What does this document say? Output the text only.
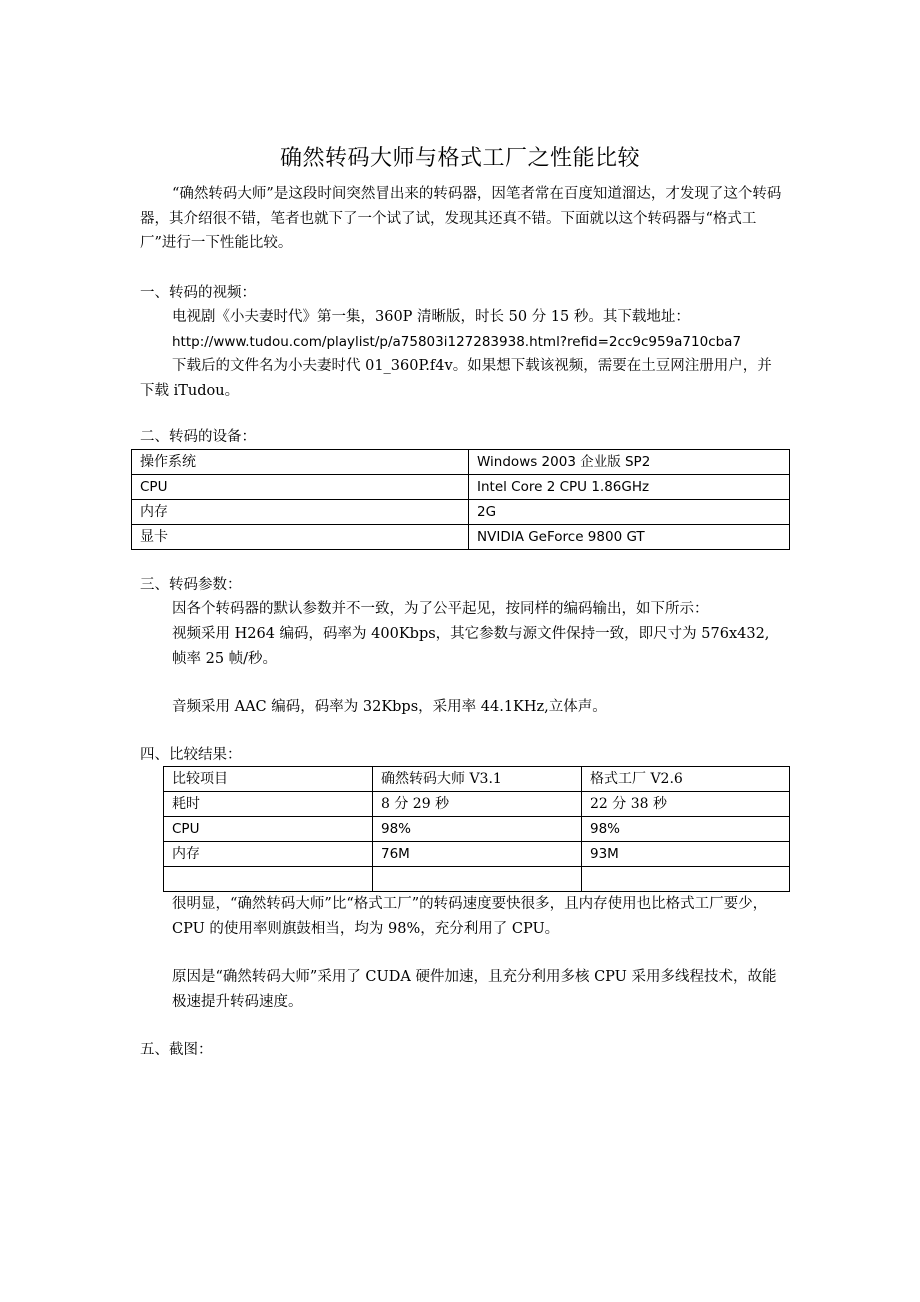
确然转码大师与格式工厂之性能比较
“确然转码大师”是这段时间突然冒出来的转码器，因笔者常在百度知道溜达，才发现了这个转码器，其介绍很不错，笔者也就下了一个试了试，发现其还真不错。下面就以这个转码器与“格式工厂”进行一下性能比较。
一、转码的视频：
电视剧《小夫妻时代》第一集，360P 清晰版，时长 50 分 15 秒。其下载地址：
http://www.tudou.com/playlist/p/a75803i127283938.html?refid=2cc9c959a710cba7
下载后的文件名为小夫妻时代 01_360P.f4v。如果想下载该视频，需要在土豆网注册用户，并下载 iTudou。
二、转码的设备：
操作系统	Windows 2003 企业版 SP2
CPU	Intel Core 2 CPU 1.86GHz
内存	2G
显卡	NVIDIA GeForce 9800 GT
三、转码参数：
因各个转码器的默认参数并不一致，为了公平起见，按同样的编码输出，如下所示：
视频采用 H264 编码，码率为 400Kbps，其它参数与源文件保持一致，即尺寸为 576x432,帧率 25 帧/秒。
音频采用 AAC 编码，码率为 32Kbps，采用率 44.1KHz,立体声。
四、比较结果：
比较项目	确然转码大师 V3.1	格式工厂 V2.6
耗时	8 分 29 秒	22 分 38 秒
CPU	98%	98%
内存	76M	93M

很明显，“确然转码大师”比“格式工厂”的转码速度要快很多，且内存使用也比格式工厂要少，CPU 的使用率则旗鼓相当，均为 98%，充分利用了 CPU。
原因是“确然转码大师”采用了 CUDA 硬件加速，且充分利用多核 CPU 采用多线程技术，故能极速提升转码速度。
五、截图：
